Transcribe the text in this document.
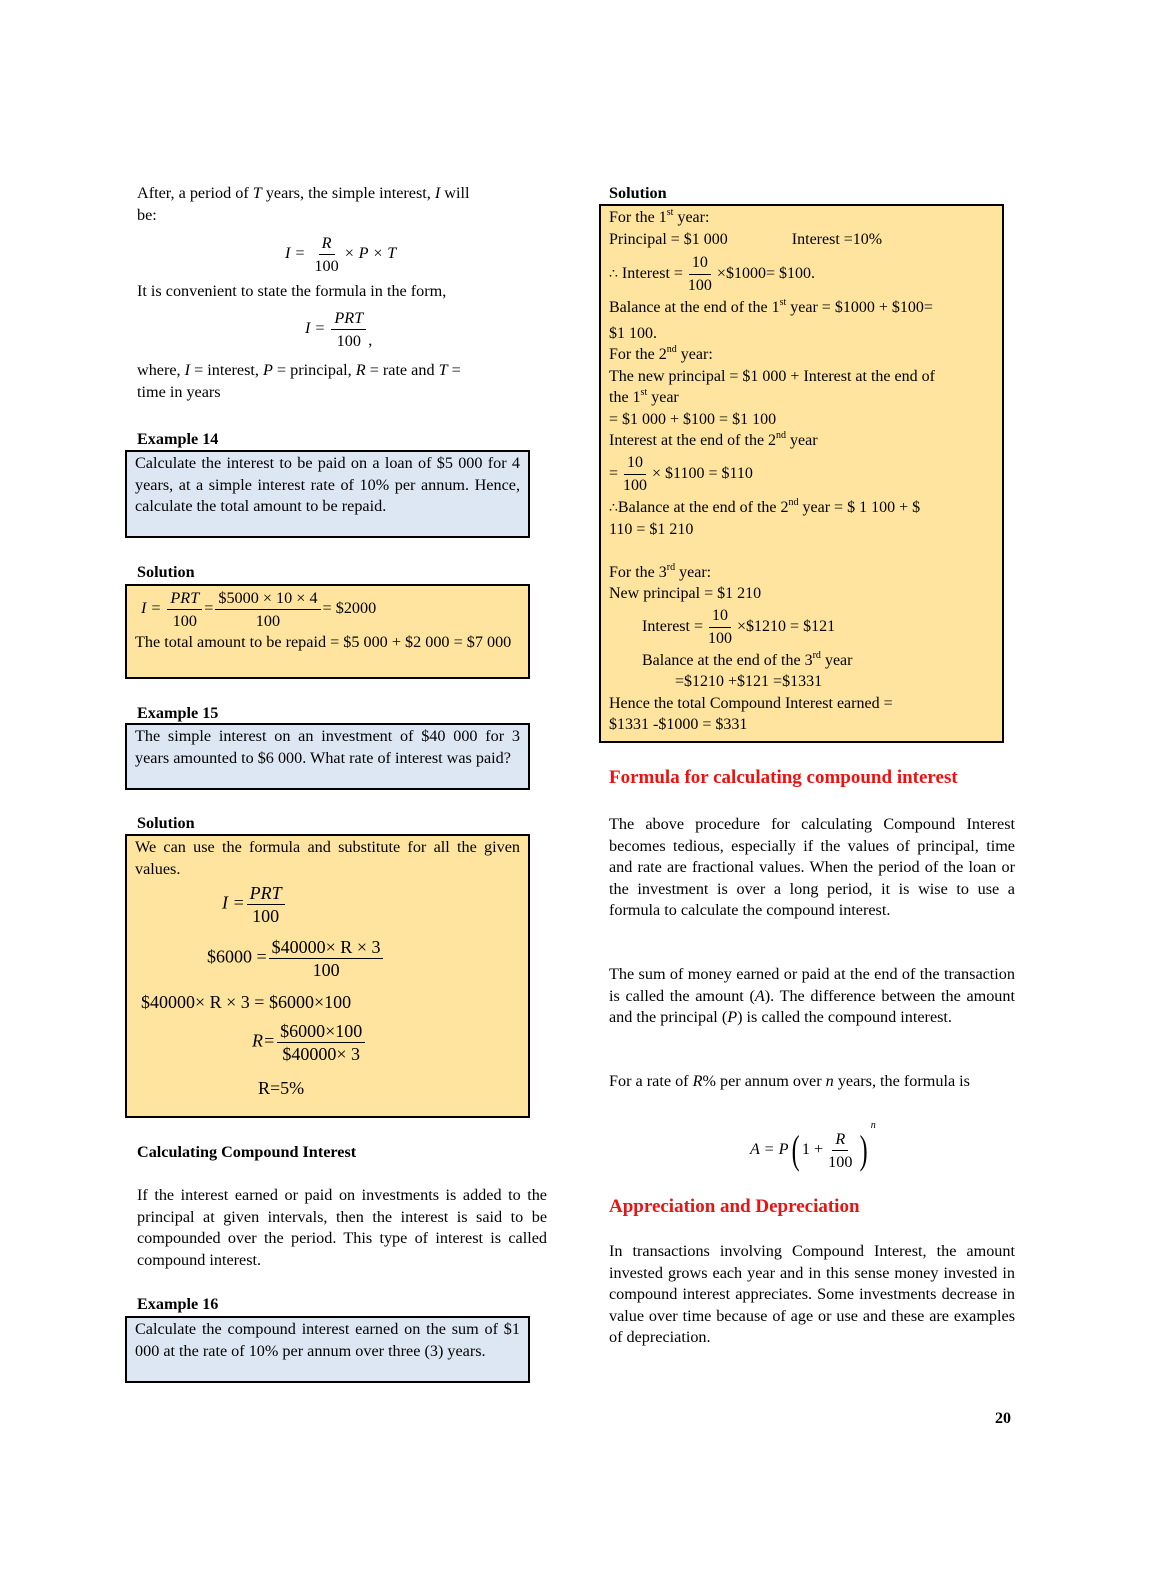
After, a period of T years, the simple interest, I will
be:
$I = \frac{R}{100} \times P \times T$
It is convenient to state the formula in the form,
$I = \frac{\text{PRT}}{100}$ ,
where, I = interest, P = principal, R = rate and T =
time in years
Example 14
Calculate the interest to be paid on a loan of $5 000 for 4 years, at a simple interest rate of 10% per annum. Hence, calculate the total amount to be repaid.
Solution
$I = \frac{\text{PRT}}{100} = \frac{\$5000 \times 10 \times 4}{100}$ = $2000
The total amount to be repaid = $5 000 + $2 000 = $7 000
Example 15
The simple interest on an investment of $40 000 for 3 years amounted to $6 000. What rate of interest was paid?
Solution
We can use the formula and substitute for all the given values.
$I = \frac{\text{PRT}}{100}$
$6000 = $\frac{\$40000\times R \times 3}{100}$
$40000× R × 3 = $6000×100
$R= \frac{\$6000\times 100}{\$40000\times 3}$
R=5%
Calculating Compound Interest
If the interest earned or paid on investments is added to the principal at given intervals, then the interest is said to be compounded over the period. This type of interest is called compound interest.
Example 16
Calculate the compound interest earned on the sum of $1 000 at the rate of 10% per annum over three (3) years.
Solution
For the 1st year:
Principal = $1 000	Interest =10%
∴ Interest = $\frac{10}{100}$ ×$1000= $100.
Balance at the end of the 1st year = $1000 + $100=
$1 100.
For the 2nd year:
The new principal = $1 000 + Interest at the end of
the 1st year
= $1 000 + $100 = $1 100
Interest at the end of the 2nd year
= $\frac{10}{100}$ × $1100 = $110
∴Balance at the end of the 2nd year = $ 1 100 + $
110 = $1 210
For the 3rd year:
New principal = $1 210
Interest = $\frac{10}{100}$ ×$1210 = $121
Balance at the end of the 3rd year
=$1210 +$121 =$1331
Hence the total Compound Interest earned =
$1331 -$1000 = $331
Formula for calculating compound interest
The above procedure for calculating Compound Interest becomes tedious, especially if the values of principal, time and rate are fractional values. When the period of the loan or the investment is over a long period, it is wise to use a formula to calculate the compound interest.
The sum of money earned or paid at the end of the transaction is called the amount (A). The difference between the amount and the principal (P) is called the compound interest.
For a rate of R% per annum over n years, the formula is
A = P( $1 + \frac{R}{100} )^n$
Appreciation and Depreciation
In transactions involving Compound Interest, the amount invested grows each year and in this sense money invested in compound interest appreciates. Some investments decrease in value over time because of age or use and these are examples of depreciation.
20
